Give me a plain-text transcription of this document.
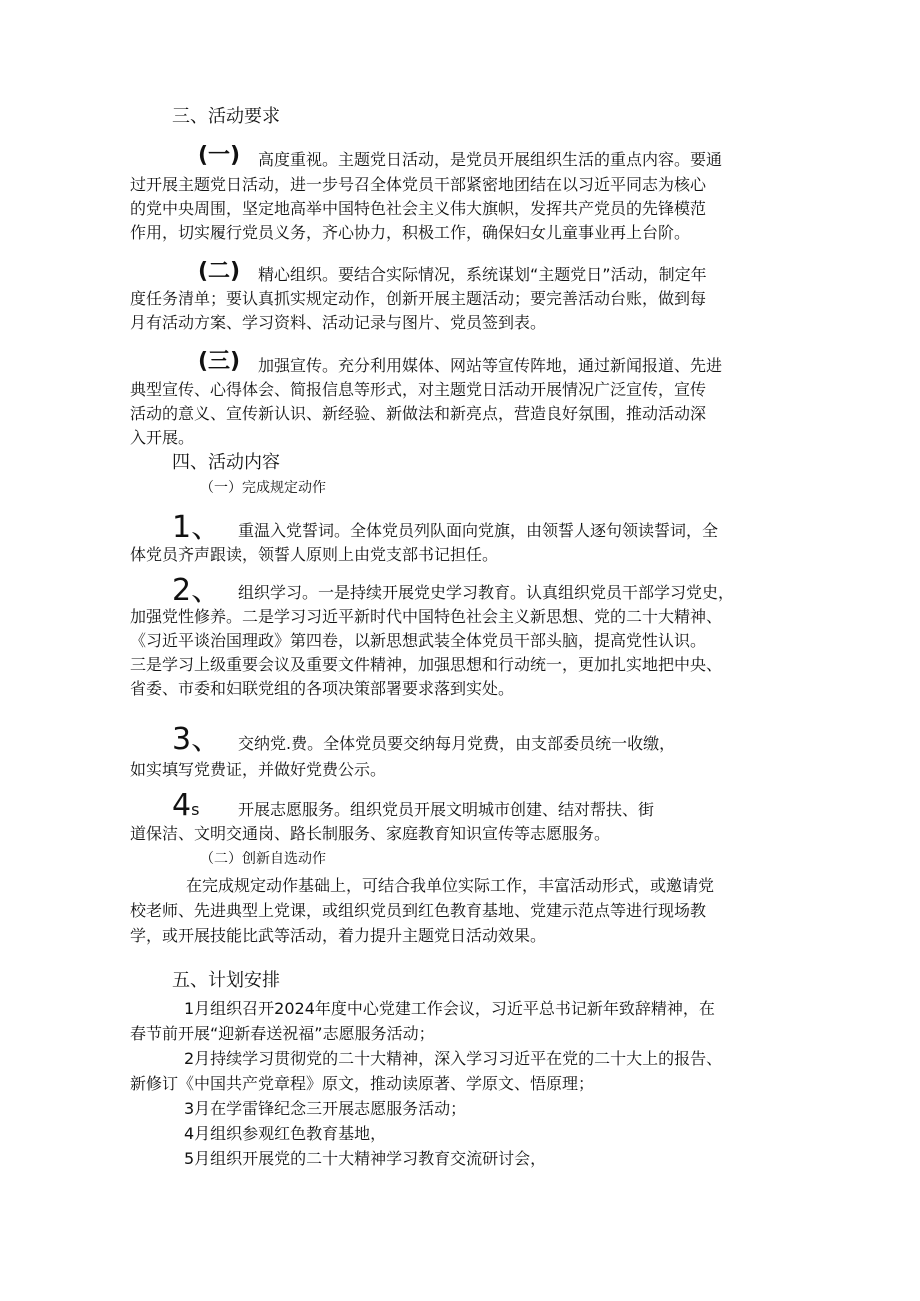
三、活动要求
(一) 高度重视。主题党日活动，是党员开展组织生活的重点内容。要通
过开展主题党日活动，进一步号召全体党员干部紧密地团结在以习近平同志为核心
的党中央周围，坚定地高举中国特色社会主义伟大旗帜，发挥共产党员的先锋模范
作用，切实履行党员义务，齐心协力，积极工作，确保妇女儿童事业再上台阶。
(二) 精心组织。要结合实际情况，系统谋划“主题党日”活动，制定年
度任务清单；要认真抓实规定动作，创新开展主题活动；要完善活动台账，做到每
月有活动方案、学习资料、活动记录与图片、党员签到表。
(三) 加强宣传。充分利用媒体、网站等宣传阵地，通过新闻报道、先进
典型宣传、心得体会、简报信息等形式，对主题党日活动开展情况广泛宣传，宣传
活动的意义、宣传新认识、新经验、新做法和新亮点，营造良好氛围，推动活动深
入开展。
四、活动内容
（一）完成规定动作
1、 重温入党誓词。全体党员列队面向党旗，由领誓人逐句领读誓词，全
体党员齐声跟读，领誓人原则上由党支部书记担任。
2、 组织学习。一是持续开展党史学习教育。认真组织党员干部学习党史，
加强党性修养。二是学习习近平新时代中国特色社会主义新思想、党的二十大精神、
《习近平谈治国理政》第四卷，以新思想武装全体党员干部头脑，提高党性认识。
三是学习上级重要会议及重要文件精神，加强思想和行动统一，更加扎实地把中央、
省委、市委和妇联党组的各项决策部署要求落到实处。
3、 交纳党.费。全体党员要交纳每月党费，由支部委员统一收缴，
如实填写党费证，并做好党费公示。
4s 开展志愿服务。组织党员开展文明城市创建、结对帮扶、街
道保洁、文明交通岗、路长制服务、家庭教育知识宣传等志愿服务。
（二）创新自选动作
在完成规定动作基础上，可结合我单位实际工作，丰富活动形式，或邀请党
校老师、先进典型上党课，或组织党员到红色教育基地、党建示范点等进行现场教
学，或开展技能比武等活动，着力提升主题党日活动效果。
五、计划安排
1月组织召开2024年度中心党建工作会议，习近平总书记新年致辞精神，在
春节前开展“迎新春送祝福”志愿服务活动；
2月持续学习贯彻党的二十大精神，深入学习习近平在党的二十大上的报告、
新修订《中国共产党章程》原文，推动读原著、学原文、悟原理；
3月在学雷锋纪念三开展志愿服务活动；
4月组织参观红色教育基地，
5月组织开展党的二十大精神学习教育交流研讨会，
